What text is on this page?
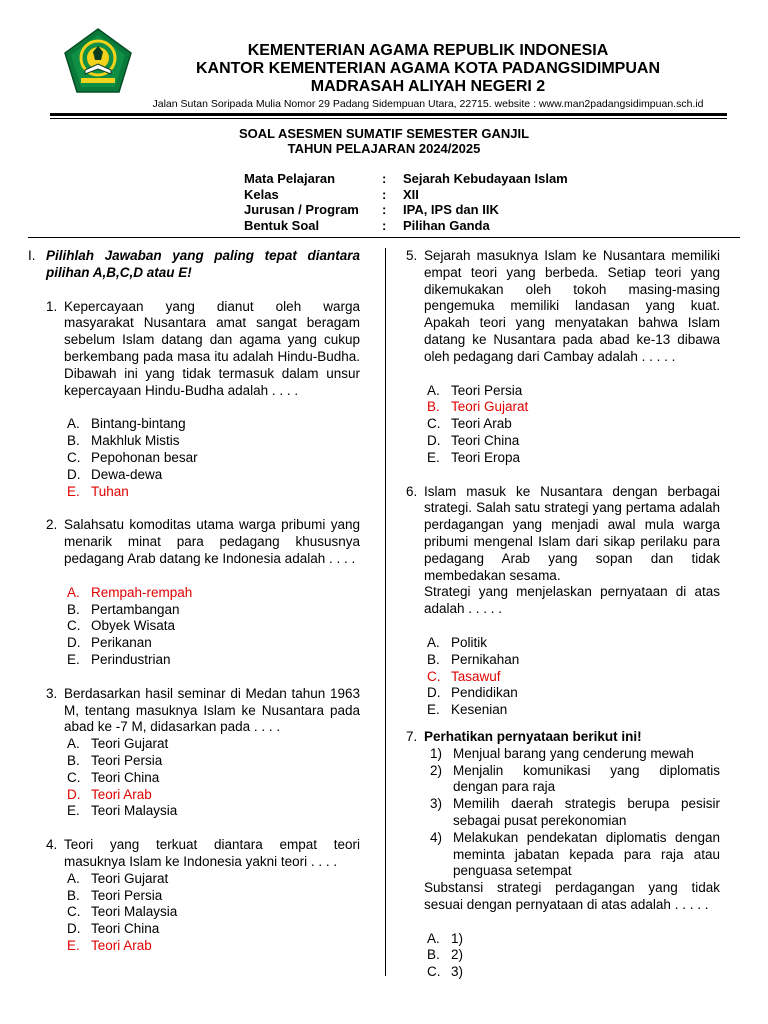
KEMENTERIAN AGAMA REPUBLIK INDONESIA
KANTOR KEMENTERIAN AGAMA KOTA PADANGSIDIMPUAN
MADRASAH ALIYAH NEGERI 2
Jalan Sutan Soripada Mulia Nomor 29 Padang Sidempuan Utara, 22715. website : www.man2padangsidimpuan.sch.id
SOAL ASESMEN SUMATIF SEMESTER GANJIL
TAHUN PELAJARAN 2024/2025
Mata Pelajaran	:	Sejarah Kebudayaan Islam
Kelas	:	XII
Jurusan / Program	:	IPA, IPS dan IIK
Bentuk Soal	:	Pilihan Ganda
I. Pilihlah Jawaban yang paling tepat diantara pilihan A,B,C,D atau E!

1. Kepercayaan yang dianut oleh warga masyarakat Nusantara amat sangat beragam sebelum Islam datang dan agama yang cukup berkembang pada masa itu adalah Hindu-Budha. Dibawah ini yang tidak termasuk dalam unsur kepercayaan Hindu-Budha adalah . . . .

A. Bintang-bintang
B. Makhluk Mistis
C. Pepohonan besar
D. Dewa-dewa
E. Tuhan
2. Salahsatu komoditas utama warga pribumi yang menarik minat para pedagang khususnya pedagang Arab datang ke Indonesia adalah . . . .

A. Rempah-rempah
B. Pertambangan
C. Obyek Wisata
D. Perikanan
E. Perindustrian
3. Berdasarkan hasil seminar di Medan tahun 1963 M, tentang masuknya Islam ke Nusantara pada abad ke -7 M, didasarkan pada . . . .

A. Teori Gujarat
B. Teori Persia
C. Teori China
D. Teori Arab
E. Teori Malaysia
4. Teori yang terkuat diantara empat teori masuknya Islam ke Indonesia yakni teori . . . .

A. Teori Gujarat
B. Teori Persia
C. Teori Malaysia
D. Teori China
E. Teori Arab
5. Sejarah masuknya Islam ke Nusantara memiliki empat teori yang berbeda. Setiap teori yang dikemukakan oleh tokoh masing-masing pengemuka memiliki landasan yang kuat. Apakah teori yang menyatakan bahwa Islam datang ke Nusantara pada abad ke-13 dibawa oleh pedagang dari Cambay adalah . . . . .

A. Teori Persia
B. Teori Gujarat
C. Teori Arab
D. Teori China
E. Teori Eropa
6. Islam masuk ke Nusantara dengan berbagai strategi. Salah satu strategi yang pertama adalah perdagangan yang menjadi awal mula warga pribumi mengenal Islam dari sikap perilaku para pedagang Arab yang sopan dan tidak membedakan sesama.

Strategi yang menjelaskan pernyataan di atas adalah . . . . .

A. Politik
B. Pernikahan
C. Tasawuf
D. Pendidikan
E. Kesenian
7. Perhatikan pernyataan berikut ini!

1) Menjual barang yang cenderung mewah

2) Menjalin komunikasi yang diplomatis dengan para raja

3) Memilih daerah strategis berupa pesisir sebagai pusat perekonomian

4) Melakukan pendekatan diplomatis dengan meminta jabatan kepada para raja atau penguasa setempat

Substansi strategi perdagangan yang tidak sesuai dengan pernyataan di atas adalah . . . . .

A. 1)
B. 2)
C. 3)
